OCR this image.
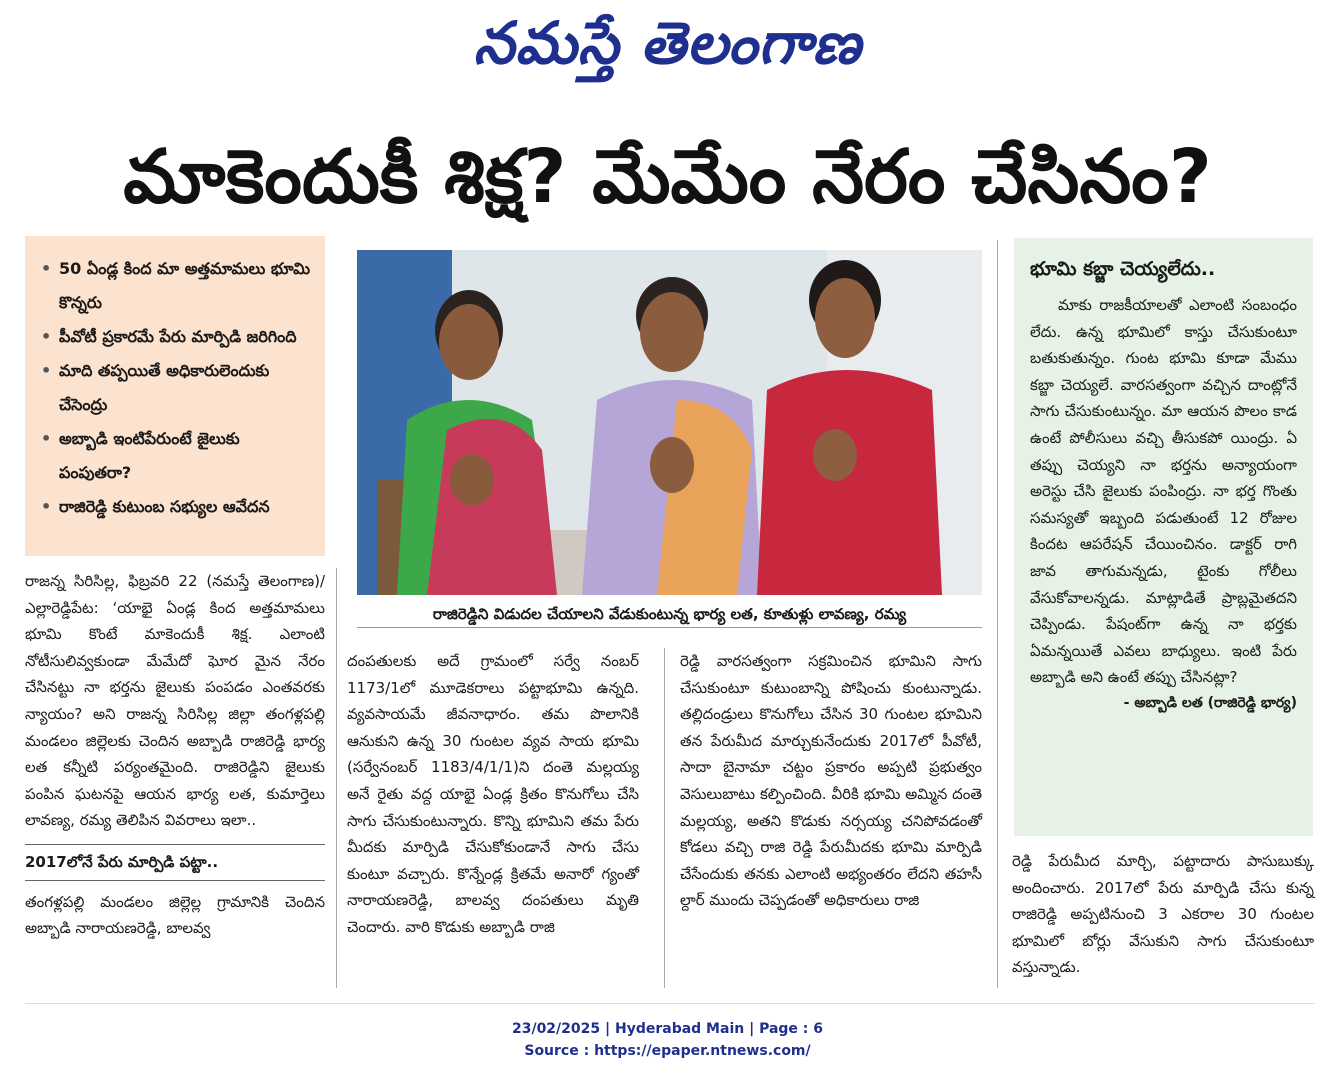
నమస్తే తెలంగాణ
మాకెందుకీ శిక్ష? మేమేం నేరం చేసినం?
• 50 ఏండ్ల కింద మా అత్తమామలు భూమి కొన్నరు
• పీవోటీ ప్రకారమే పేరు మార్పిడి జరిగింది
• మాది తప్పయితే అధికారులెందుకు చేసెంద్రు
• అబ్బాడి ఇంటిపేరుంటే జైలుకు పంపుతరా?
• రాజిరెడ్డి కుటుంబ సభ్యుల ఆవేదన
రాజిరెడ్డిని విడుదల చేయాలని వేడుకుంటున్న భార్య లత, కూతుళ్లు లావణ్య, రమ్య

రాజన్న సిరిసిల్ల, ఫిబ్రవరి 22 (నమస్తే తెలంగాణ)/ఎల్లారెడ్డిపేట: ‘యాభై ఏండ్ల కింద అత్తమామలు భూమి కొంటే మాకెందుకీ శిక్ష. ఎలాంటి నోటీసులివ్వకుండా మేమేదో ఘోర మైన నేరం చేసినట్టు నా భర్తను జైలుకు పంపడం ఎంతవరకు న్యాయం? అని రాజన్న సిరిసిల్ల జిల్లా తంగళ్లపల్లి మండలం జిల్లెలకు చెందిన అబ్బాడి రాజిరెడ్డి భార్య లత కన్నీటి పర్యంతమైంది. రాజిరెడ్డిని జైలుకు పంపిన ఘటనపై ఆయన భార్య లత, కుమార్తెలు లావణ్య, రమ్య తెలిపిన వివరాలు ఇలా..

2017లోనే పేరు మార్పిడి పట్టా..

తంగళ్లపల్లి మండలం జిల్లెల్ల గ్రామానికి చెందిన అబ్బాడి నారాయణరెడ్డి, బాలవ్వ

దంపతులకు అదే గ్రామంలో సర్వే నంబర్ 1173/1లో మూడెకరాలు పట్టాభూమి ఉన్నది. వ్యవసాయమే జీవనాధారం. తమ పొలానికి ఆనుకుని ఉన్న 30 గుంటల వ్యవ సాయ భూమి (సర్వేనంబర్ 1183/4/1/1)ని దంతె మల్లయ్య అనే రైతు వద్ద యాభై ఏండ్ల క్రితం కొనుగోలు చేసి సాగు చేసుకుంటున్నారు. కొన్ని భూమిని తమ పేరు మీదకు మార్పిడి చేసుకోకుండానే సాగు చేసు కుంటూ వచ్చారు. కొన్నేండ్ల క్రితమే అనారో గ్యంతో నారాయణరెడ్డి, బాలవ్వ దంపతులు మృతి చెందారు. వారి కొడుకు అబ్బాడి రాజి
రెడ్డి వారసత్వంగా సక్రమించిన భూమిని సాగు చేసుకుంటూ కుటుంబాన్ని పోషించు కుంటున్నాడు. తల్లిదండ్రులు కొనుగోలు చేసిన 30 గుంటల భూమిని తన పేరుమీద మార్చుకునేందుకు 2017లో పీవోటీ, సాదా బైనామా చట్టం ప్రకారం అప్పటి ప్రభుత్వం వెసులుబాటు కల్పించింది. వీరికి భూమి అమ్మిన దంతె మల్లయ్య, అతని కొడుకు నర్సయ్య చనిపోవడంతో కోడలు వచ్చి రాజి రెడ్డి పేరుమీదకు భూమి మార్పిడి చేసేందుకు తనకు ఎలాంటి అభ్యంతరం లేదని తహసీ ల్దార్ ముందు చెప్పడంతో అధికారులు రాజి
భూమి కబ్జా చెయ్యలేదు..
మాకు రాజకీయాలతో ఎలాంటి సంబంధం లేదు. ఉన్న భూమిలో కాస్తు చేసుకుంటూ బతుకుతున్నం. గుంట భూమి కూడా మేము కబ్జా చెయ్యలే. వారసత్వంగా వచ్చిన దాంట్లోనే సాగు చేసుకుంటున్నం. మా ఆయన పొలం కాడ ఉంటే పోలీసులు వచ్చి తీసుకపో యింద్రు. ఏ తప్పు చెయ్యని నా భర్తను అన్యాయంగా అరెస్టు చేసి జైలుకు పంపింద్రు. నా భర్త గొంతు సమస్యతో ఇబ్బంది పడుతుంటే 12 రోజుల కిందట ఆపరేషన్ చేయించినం. డాక్టర్ రాగి జావ తాగుమన్నడు, టైంకు గోలీలు వేసుకోవాలన్నడు. మాట్లాడితే ప్రాబ్లమైతదని చెప్పిండు. పేషంట్‌గా ఉన్న నా భర్తకు ఏమన్నయితే ఎవలు బాధ్యులు. ఇంటి పేరు అబ్బాడి అని ఉంటే తప్పు చేసినట్లా?
- అబ్బాడి లత (రాజిరెడ్డి భార్య)
రెడ్డి పేరుమీద మార్చి, పట్టాదారు పాసుబుక్కు అందించారు. 2017లో పేరు మార్పిడి చేసు కున్న రాజిరెడ్డి అప్పటినుంచి 3 ఎకరాల 30 గుంటల భూమిలో బోర్లు వేసుకుని సాగు చేసుకుంటూ వస్తున్నాడు.
23/02/2025 | Hyderabad Main | Page : 6
Source : https://epaper.ntnews.com/
